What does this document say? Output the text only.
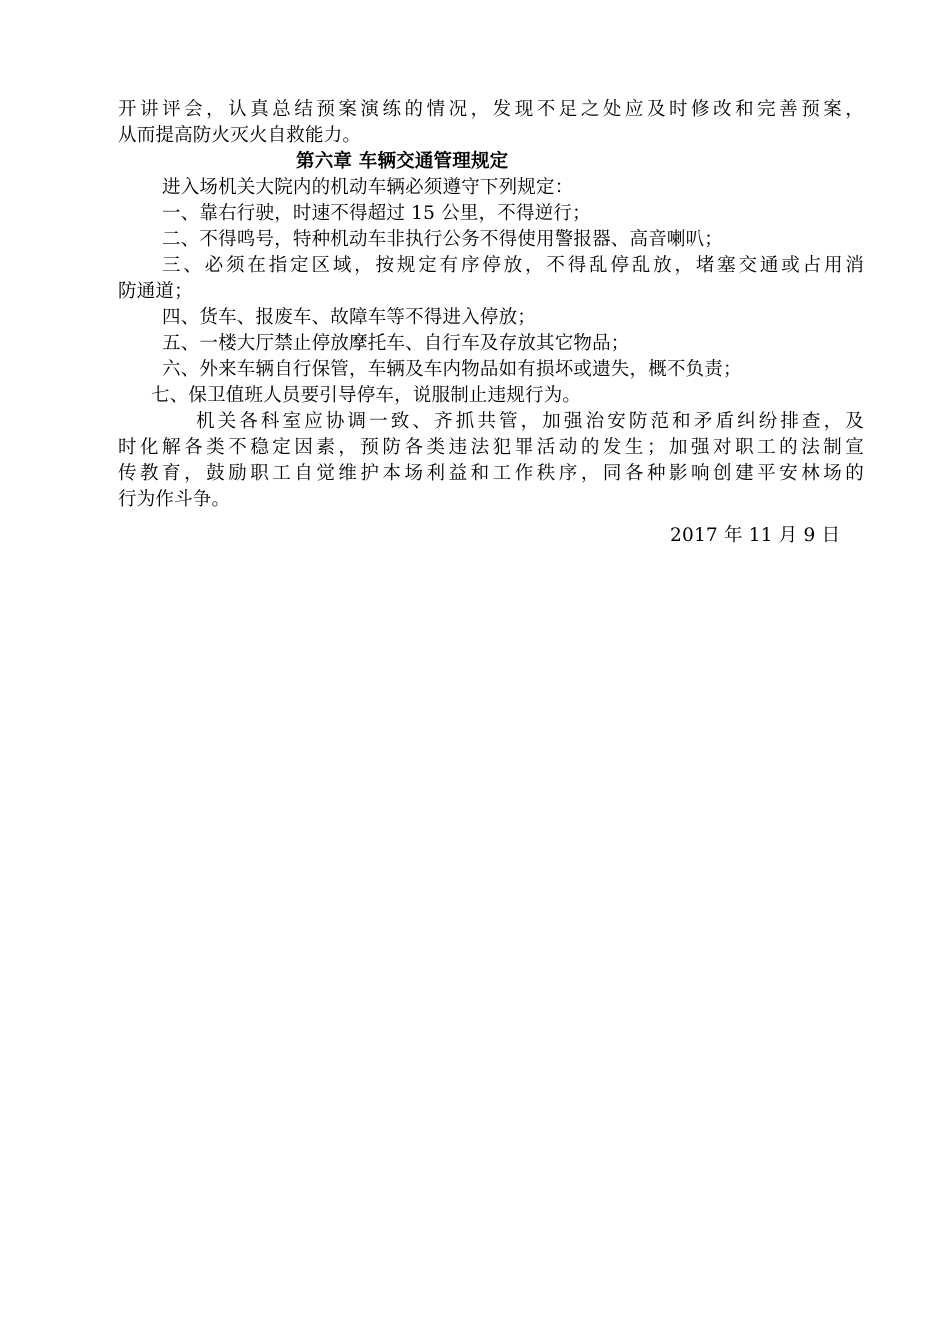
开讲评会，认真总结预案演练的情况，发现不足之处应及时修改和完善预案，
从而提高防火灭火自救能力。
第六章 车辆交通管理规定
进入场机关大院内的机动车辆必须遵守下列规定：
一、靠右行驶，时速不得超过 15 公里，不得逆行；
二、不得鸣号，特种机动车非执行公务不得使用警报器、高音喇叭；
三、必须在指定区域，按规定有序停放，不得乱停乱放，堵塞交通或占用消
防通道；
四、货车、报废车、故障车等不得进入停放；
五、一楼大厅禁止停放摩托车、自行车及存放其它物品；
六、外来车辆自行保管，车辆及车内物品如有损坏或遗失，概不负责；
七、保卫值班人员要引导停车，说服制止违规行为。
机关各科室应协调一致、齐抓共管，加强治安防范和矛盾纠纷排查，及
时化解各类不稳定因素，预防各类违法犯罪活动的发生；加强对职工的法制宣
传教育，鼓励职工自觉维护本场利益和工作秩序，同各种影响创建平安林场的
行为作斗争。
2017 年 11 月 9 日
